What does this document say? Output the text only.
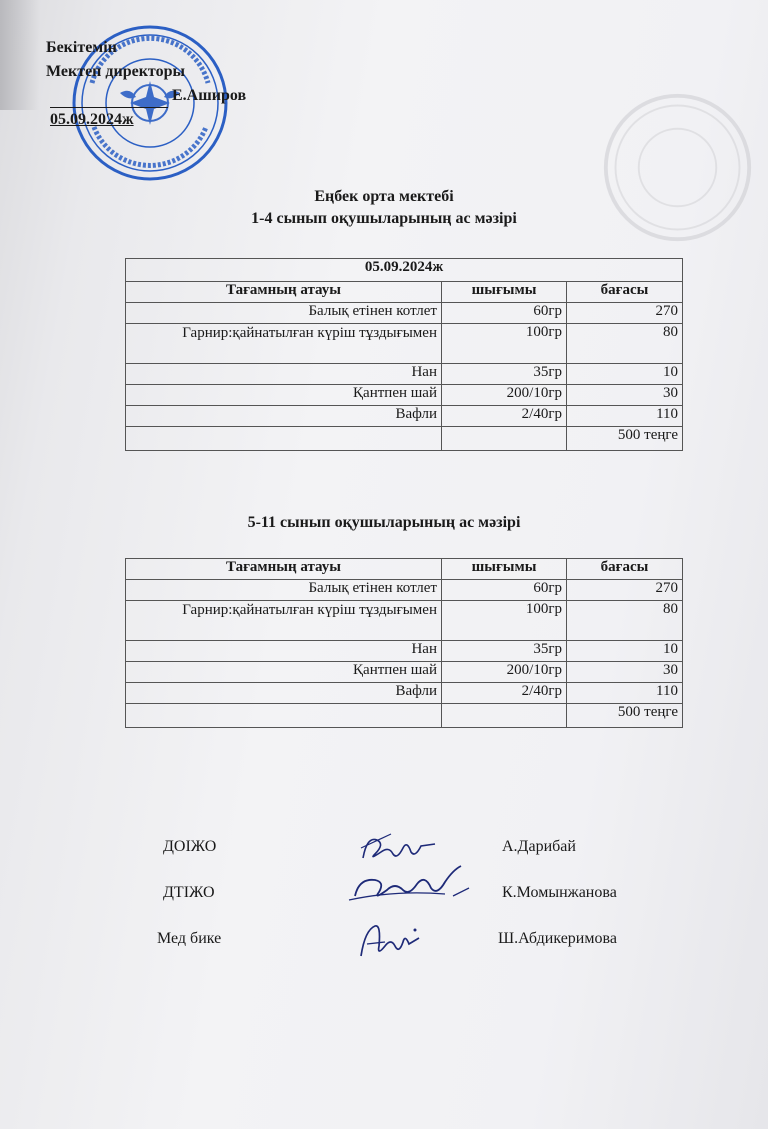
Бекітемін
Мектеп директоры
Е.Аширов
05.09.2024ж
Еңбек орта мектебі
1-4 сынып оқушыларының ас мәзірі
05.09.2024ж		
Тағамның атауы	шығымы	бағасы
Балық етінен котлет	60гр	270
Гарнир:қайнатылған күріш тұздығымен	100гр	80
Нан	35гр	10
Қантпен шай	200/10гр	30
Вафли	2/40гр	110
		500 теңге
5-11 сынып оқушыларының ас мәзірі
Тағамның атауы	шығымы	бағасы
Балық етінен котлет	60гр	270
Гарнир:қайнатылған күріш тұздығымен	100гр	80
Нан	35гр	10
Қантпен шай	200/10гр	30
Вафли	2/40гр	110
		500 теңге
ДОІЖО	А.Дарибай
ДТІЖО	К.Момынжанова
Мед бике	Ш.Абдикеримова
